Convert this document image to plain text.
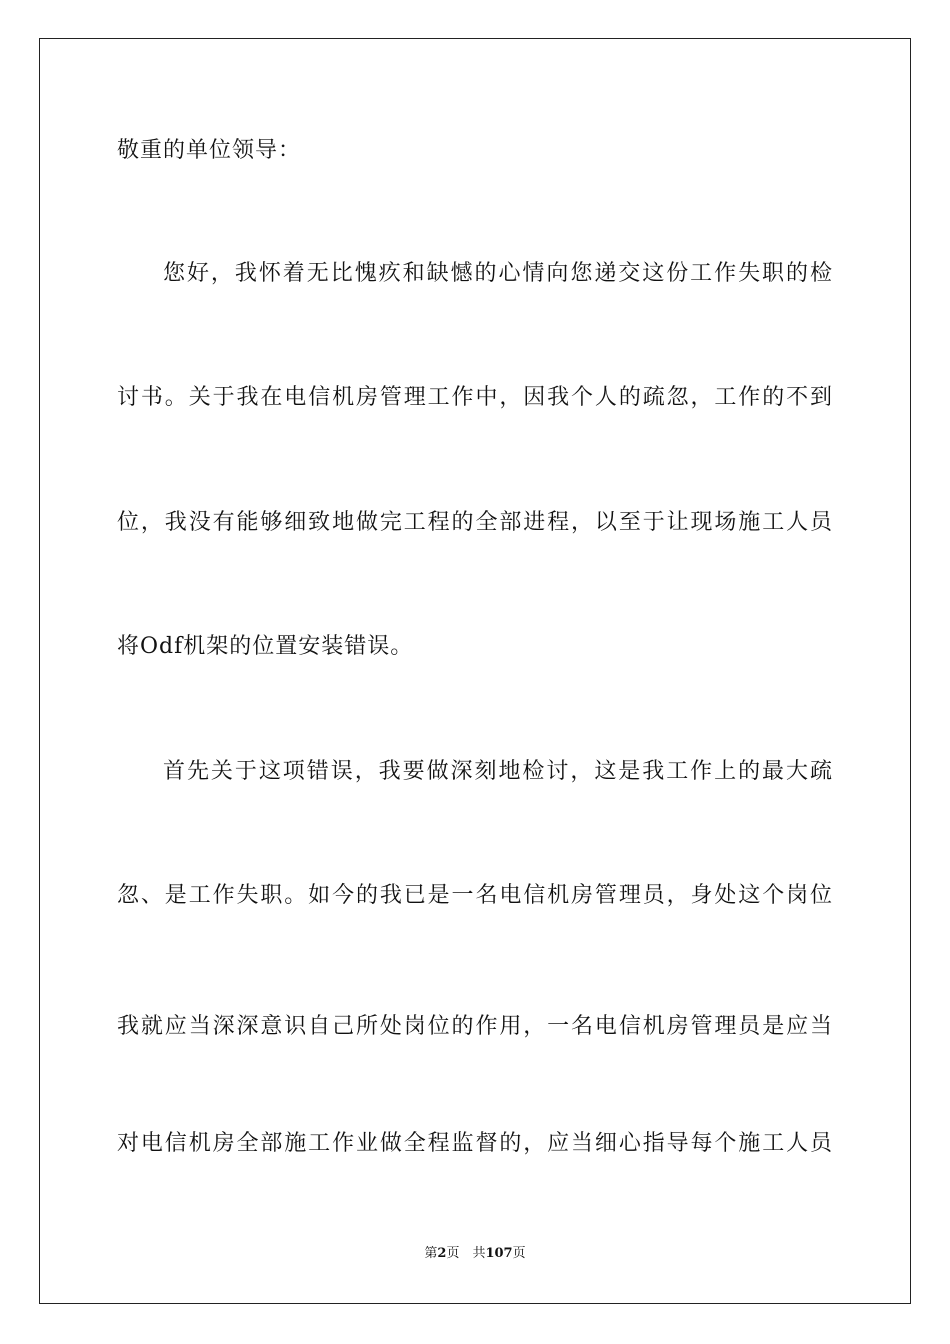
敬重的单位领导：
您好，我怀着无比愧疚和缺憾的心情向您递交这份工作失职的检
讨书。关于我在电信机房管理工作中，因我个人的疏忽，工作的不到
位，我没有能够细致地做完工程的全部进程，以至于让现场施工人员
将Odf机架的位置安装错误。
首先关于这项错误，我要做深刻地检讨，这是我工作上的最大疏
忽、是工作失职。如今的我已是一名电信机房管理员，身处这个岗位
我就应当深深意识自己所处岗位的作用，一名电信机房管理员是应当
对电信机房全部施工作业做全程监督的，应当细心指导每个施工人员
第2页　共107页
